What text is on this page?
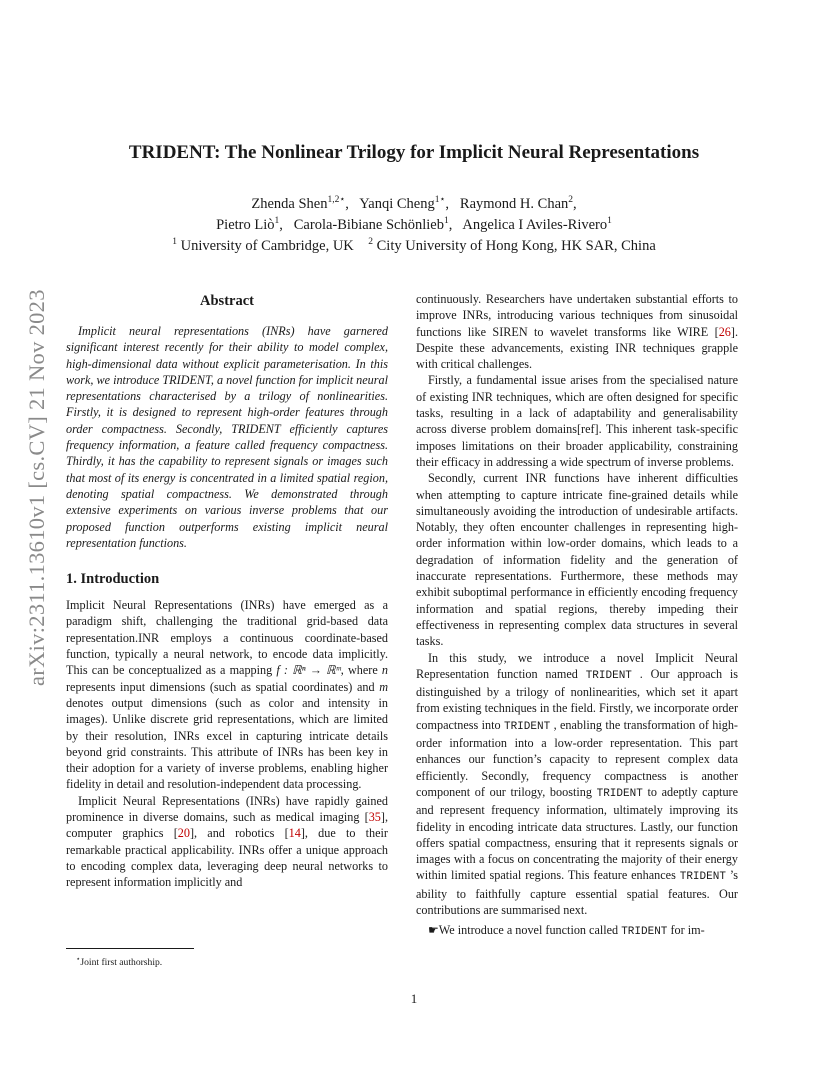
arXiv:2311.13610v1 [cs.CV] 21 Nov 2023
TRIDENT: The Nonlinear Trilogy for Implicit Neural Representations
Zhenda Shen$^{1,2⋆}$,  Yanqi Cheng$^{1⋆}$,  Raymond H. Chan$^2$,
Pietro Liò$^1$,  Carola-Bibiane Schönlieb$^1$,  Angelica I Aviles-Rivero$^1$
$^1$ University of Cambridge, UK $^2$ City University of Hong Kong, HK SAR, China
Abstract

Implicit neural representations (INRs) have garnered significant interest recently for their ability to model complex, high-dimensional data without explicit parameterisation. In this work, we introduce TRIDENT, a novel function for implicit neural representations characterised by a trilogy of nonlinearities. Firstly, it is designed to represent high-order features through order compactness. Secondly, TRIDENT efficiently captures frequency information, a feature called frequency compactness. Thirdly, it has the capability to represent signals or images such that most of its energy is concentrated in a limited spatial region, denoting spatial compactness. We demonstrated through extensive experiments on various inverse problems that our proposed function outperforms existing implicit neural representation functions.

1. Introduction

Implicit Neural Representations (INRs) have emerged as a paradigm shift, challenging the traditional grid-based data representation.INR employs a continuous coordinate-based function, typically a neural network, to encode data implicitly. This can be conceptualized as a mapping f : ℝⁿ → ℝᵐ, where n represents input dimensions (such as spatial coordinates) and m denotes output dimensions (such as color and intensity in images). Unlike discrete grid representations, which are limited by their resolution, INRs excel in capturing intricate details beyond grid constraints. This attribute of INRs has been key in their adoption for a variety of inverse problems, enabling higher fidelity in detail and resolution-independent data processing.

Implicit Neural Representations (INRs) have rapidly gained prominence in diverse domains, such as medical imaging [35], computer graphics [20], and robotics [14], due to their remarkable practical applicability. INRs offer a unique approach to encoding complex data, leveraging deep neural networks to represent information implicitly and

continuously. Researchers have undertaken substantial efforts to improve INRs, introducing various techniques from sinusoidal functions like SIREN to wavelet transforms like WIRE [26]. Despite these advancements, existing INR techniques grapple with critical challenges.

Firstly, a fundamental issue arises from the specialised nature of existing INR techniques, which are often designed for specific tasks, resulting in a lack of adaptability and generalisability across diverse problem domains[ref]. This inherent task-specific imposes limitations on their broader applicability, constraining their efficacy in addressing a wide spectrum of inverse problems.

Secondly, current INR functions have inherent difficulties when attempting to capture intricate fine-grained details while simultaneously avoiding the introduction of undesirable artifacts. Notably, they often encounter challenges in representing high-order information within low-order domains, which leads to a degradation of information fidelity and the generation of inaccurate representations. Furthermore, these methods may exhibit suboptimal performance in efficiently encoding frequency information and spatial regions, thereby impeding their effectiveness in representing complex data structures in several tasks.

In this study, we introduce a novel Implicit Neural Representation function named TRIDENT . Our approach is distinguished by a trilogy of nonlinearities, which set it apart from existing techniques in the field. Firstly, we incorporate order compactness into TRIDENT , enabling the transformation of high-order information into a low-order representation. This part enhances our function’s capacity to represent complex data efficiently. Secondly, frequency compactness is another component of our trilogy, boosting TRIDENT to adeptly capture and represent frequency information, ultimately improving its fidelity in encoding intricate data structures. Lastly, our function offers spatial compactness, ensuring that it represents signals or images with a focus on concentrating the majority of their energy within limited spatial regions. This feature enhances TRIDENT ’s ability to faithfully capture essential spatial features. Our contributions are summarised next.

☛We introduce a novel function called TRIDENT for im-

⋆Joint first authorship.
1
